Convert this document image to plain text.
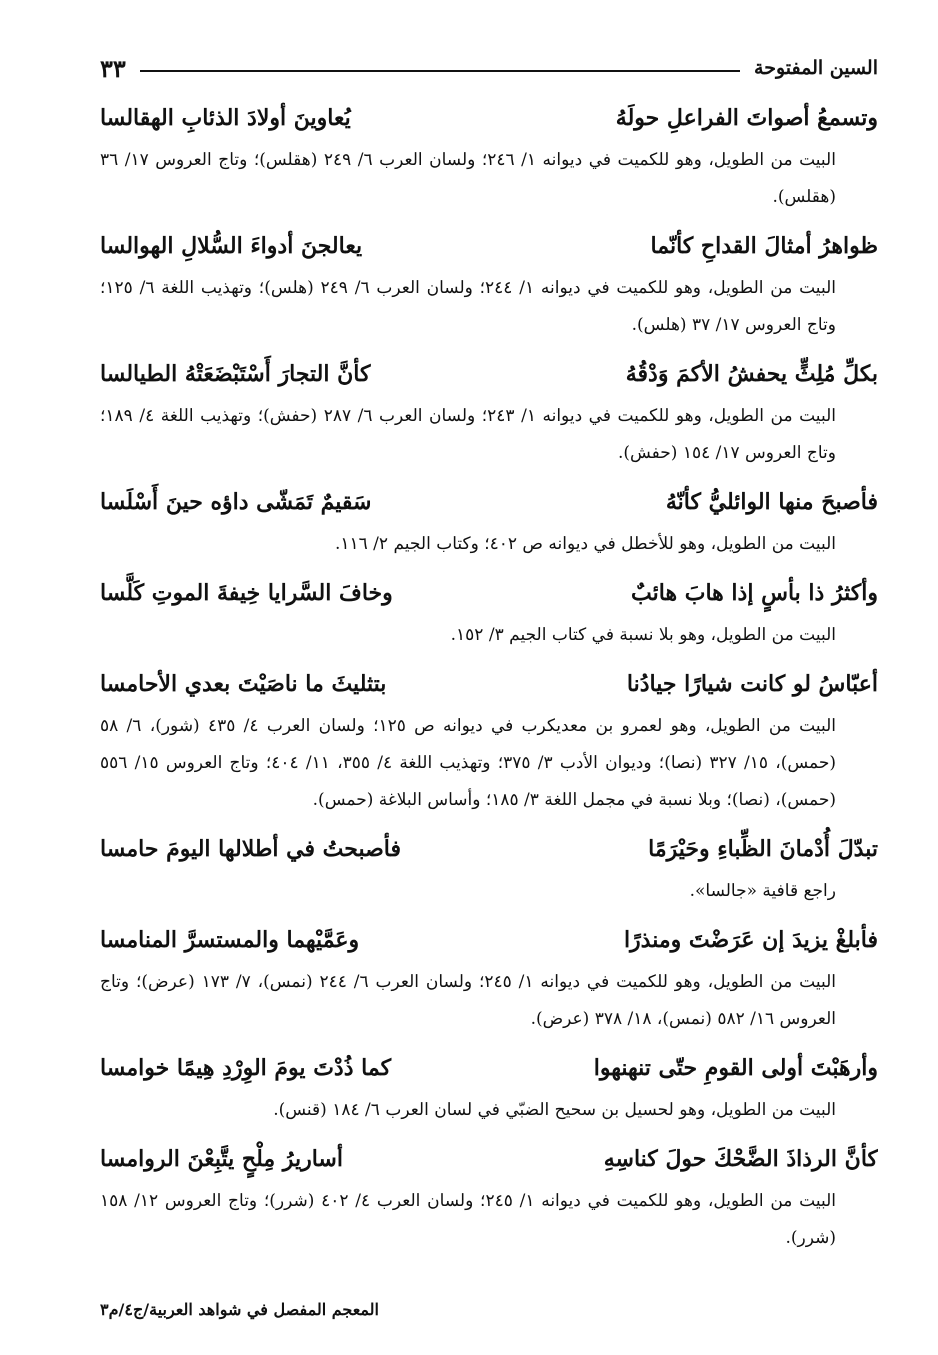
السين المفتوحة
٣٣
وتسمعُ أصواتَ الفراعلِ حولَهُ
يُعاوينَ أولادَ الذئابِ الهقالسا
البيت من الطويل، وهو للكميت في ديوانه ١/ ٢٤٦؛ ولسان العرب ٦/ ٢٤٩ (هقلس)؛ وتاج العروس ١٧/ ٣٦ (هقلس).
ظواهرُ أمثالَ القداحِ كأنّما
يعالجنَ أدواءَ السُّلالِ الهوالسا
البيت من الطويل، وهو للكميت في ديوانه ١/ ٢٤٤؛ ولسان العرب ٦/ ٢٤٩ (هلس)؛ وتهذيب اللغة ٦/ ١٢٥؛ وتاج العروس ١٧/ ٣٧ (هلس).
بكلِّ مُلِثٍّ يحفشُ الأكمَ وَدْقُهُ
كأنَّ التجارَ أَسْتَبْضَعَتْهُ الطيالسا
البيت من الطويل، وهو للكميت في ديوانه ١/ ٢٤٣؛ ولسان العرب ٦/ ٢٨٧ (حفش)؛ وتهذيب اللغة ٤/ ١٨٩؛ وتاج العروس ١٧/ ١٥٤ (حفش).
فأصبحَ منها الوائليُّ كأنّهُ
سَقيمٌ تَمَشّى داؤه حينَ أَسْلَسا
البيت من الطويل، وهو للأخطل في ديوانه ص ٤٠٢؛ وكتاب الجيم ٢/ ١١٦.
وأكثرُ ذا بأسٍ إذا هابَ هائبٌ
وخافَ السَّرايا خِيفةَ الموتِ كَلَّسا
البيت من الطويل، وهو بلا نسبة في كتاب الجيم ٣/ ١٥٢.
أعبّاسُ لو كانت شيارًا جيادُنا
بتثليثَ ما ناصَيْتَ بعدي الأحامسا
البيت من الطويل، وهو لعمرو بن معديكرب في ديوانه ص ١٢٥؛ ولسان العرب ٤/ ٤٣٥ (شور)، ٦/ ٥٨ (حمس)، ١٥/ ٣٢٧ (نصا)؛ وديوان الأدب ٣/ ٣٧٥؛ وتهذيب اللغة ٤/ ٣٥٥، ١١/ ٤٠٤؛ وتاج العروس ١٥/ ٥٥٦ (حمس)، (نصا)؛ وبلا نسبة في مجمل اللغة ٣/ ١٨٥؛ وأساس البلاغة (حمس).
تبدّلَ أُدْمانَ الظِّباءِ وحَيْرَمًا
فأصبحتُ في أطلالها اليومَ حامسا
راجع قافية «جالسا».
فأبلغْ يزيدَ إن عَرَضْتَ ومنذرًا
وعَمَّيْهما والمستسرَّ المنامسا
البيت من الطويل، وهو للكميت في ديوانه ١/ ٢٤٥؛ ولسان العرب ٦/ ٢٤٤ (نمس)، ٧/ ١٧٣ (عرض)؛ وتاج العروس ١٦/ ٥٨٢ (نمس)، ١٨/ ٣٧٨ (عرض).
وأرهَبْتَ أولى القومِ حتّى تنهنهوا
كما ذُدْتَ يومَ الوِرْدِ هِيمًا خوامسا
البيت من الطويل، وهو لحسيل بن سحيح الضبّي في لسان العرب ٦/ ١٨٤ (قنس).
كأنَّ الرذاذَ الضَّحْكَ حولَ كناسِهِ
أساريرُ مِلْحٍ يتَّبِعْنَ الروامسا
البيت من الطويل، وهو للكميت في ديوانه ١/ ٢٤٥؛ ولسان العرب ٤/ ٤٠٢ (شرر)؛ وتاج العروس ١٢/ ١٥٨ (شرر).
المعجم المفصل في شواهد العربية/ج٤/م٣
